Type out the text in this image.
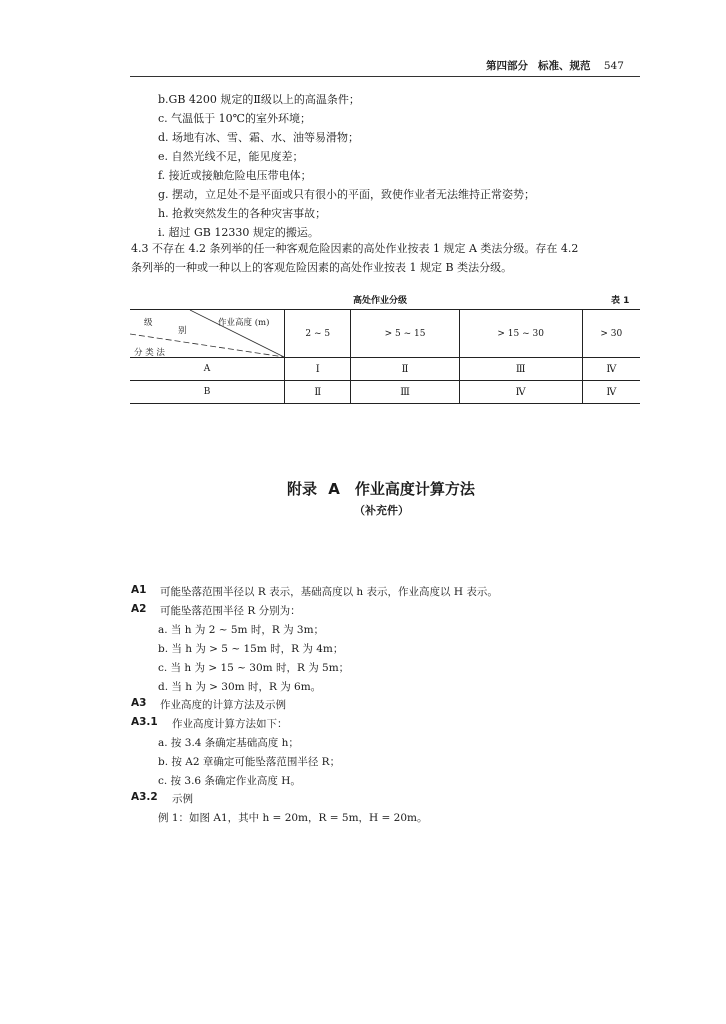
第四部分 标准、规范 547
b.GB 4200 规定的Ⅱ级以上的高温条件；
c. 气温低于 10℃的室外环境；
d. 场地有冰、雪、霜、水、油等易滑物；
e. 自然光线不足，能见度差；
f. 接近或接触危险电压带电体；
g. 摆动，立足处不是平面或只有很小的平面，致使作业者无法维持正常姿势；
h. 抢救突然发生的各种灾害事故；
i. 超过 GB 12330 规定的搬运。
4.3 不存在 4.2 条列举的任一种客观危险因素的高处作业按表 1 规定 A 类法分级。存在 4.2
条列举的一种或一种以上的客观危险因素的高处作业按表 1 规定 B 类法分级。
高处作业分级	表 1
级
别
作业高度 (m)
分 类 法	2 ~ 5	> 5 ~ 15	> 15 ~ 30	> 30
A	Ⅰ	Ⅱ	Ⅲ	Ⅳ
B	Ⅱ	Ⅲ	Ⅳ	Ⅳ
附录 A　作业高度计算方法
（补充件）
A1 可能坠落范围半径以 R 表示，基础高度以 h 表示，作业高度以 H 表示。
A2 可能坠落范围半径 R 分别为：
a. 当 h 为 2 ~ 5m 时，R 为 3m；
b. 当 h 为 > 5 ~ 15m 时，R 为 4m；
c. 当 h 为 > 15 ~ 30m 时，R 为 5m；
d. 当 h 为 > 30m 时，R 为 6m。
A3 作业高度的计算方法及示例
A3.1 作业高度计算方法如下：
a. 按 3.4 条确定基础高度 h；
b. 按 A2 章确定可能坠落范围半径 R；
c. 按 3.6 条确定作业高度 H。
A3.2 示例
例 1：如图 A1，其中 h = 20m，R = 5m，H = 20m。
